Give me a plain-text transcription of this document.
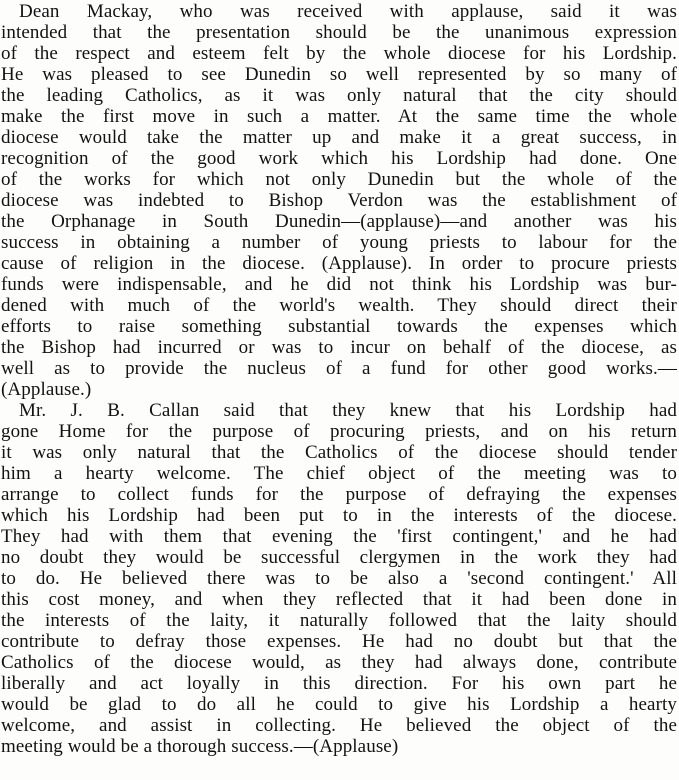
Dean Mackay, who was received with applause, said it was
intended that the presentation should be the unanimous expression
of the respect and esteem felt by the whole diocese for his Lordship.
He was pleased to see Dunedin so well represented by so many of
the leading Catholics, as it was only natural that the city should
make the first move in such a matter. At the same time the whole
diocese would take the matter up and make it a great success, in
recognition of the good work which his Lordship had done. One
of the works for which not only Dunedin but the whole of the
diocese was indebted to Bishop Verdon was the establishment of
the Orphanage in South Dunedin—(applause)—and another was his
success in obtaining a number of young priests to labour for the
cause of religion in the diocese. (Applause). In order to procure priests
funds were indispensable, and he did not think his Lordship was bur-
dened with much of the world's wealth. They should direct their
efforts to raise something substantial towards the expenses which
the Bishop had incurred or was to incur on behalf of the diocese, as
well as to provide the nucleus of a fund for other good works.—
(Applause.)
Mr. J. B. Callan said that they knew that his Lordship had
gone Home for the purpose of procuring priests, and on his return
it was only natural that the Catholics of the diocese should tender
him a hearty welcome. The chief object of the meeting was to
arrange to collect funds for the purpose of defraying the expenses
which his Lordship had been put to in the interests of the diocese.
They had with them that evening the 'first contingent,' and he had
no doubt they would be successful clergymen in the work they had
to do. He believed there was to be also a 'second contingent.' All
this cost money, and when they reflected that it had been done in
the interests of the laity, it naturally followed that the laity should
contribute to defray those expenses. He had no doubt but that the
Catholics of the diocese would, as they had always done, contribute
liberally and act loyally in this direction. For his own part he
would be glad to do all he could to give his Lordship a hearty
welcome, and assist in collecting. He believed the object of the
meeting would be a thorough success.—(Applause)
